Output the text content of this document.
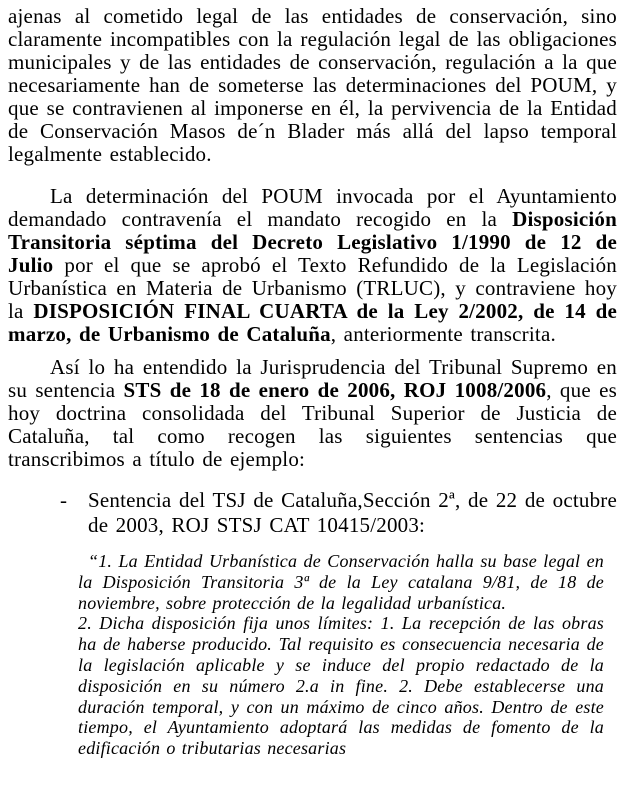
ajenas al cometido legal de las entidades de conservación, sino claramente incompatibles con la regulación legal de las obligaciones municipales y de las entidades de conservación, regulación a la que necesariamente han de someterse las determinaciones del POUM, y que se contravienen al imponerse en él, la pervivencia de la Entidad de Conservación Masos de´n Blader más allá del lapso temporal legalmente establecido.

La determinación del POUM invocada por el Ayuntamiento demandado contravenía el mandato recogido en la Disposición Transitoria séptima del Decreto Legislativo 1/1990 de 12 de Julio por el que se aprobó el Texto Refundido de la Legislación Urbanística en Materia de Urbanismo (TRLUC), y contraviene hoy la DISPOSICIÓN FINAL CUARTA de la Ley 2/2002, de 14 de marzo, de Urbanismo de Cataluña, anteriormente transcrita.

Así lo ha entendido la Jurisprudencia del Tribunal Supremo en su sentencia STS de 18 de enero de 2006, ROJ 1008/2006, que es hoy doctrina consolidada del Tribunal Superior de Justicia de Cataluña, tal como recogen las siguientes sentencias que transcribimos a título de ejemplo:

- Sentencia del TSJ de Cataluña,Sección 2ª, de 22 de octubre de 2003, ROJ STSJ CAT 10415/2003:

“1. La Entidad Urbanística de Conservación halla su base legal en la Disposición Transitoria 3ª de la Ley catalana 9/81, de 18 de noviembre, sobre protección de la legalidad urbanística.

2. Dicha disposición fija unos límites: 1. La recepción de las obras ha de haberse producido. Tal requisito es consecuencia necesaria de la legislación aplicable y se induce del propio redactado de la disposición en su número 2.a in fine. 2. Debe establecerse una duración temporal, y con un máximo de cinco años. Dentro de este tiempo, el Ayuntamiento adoptará las medidas de fomento de la edificación o tributarias necesarias
